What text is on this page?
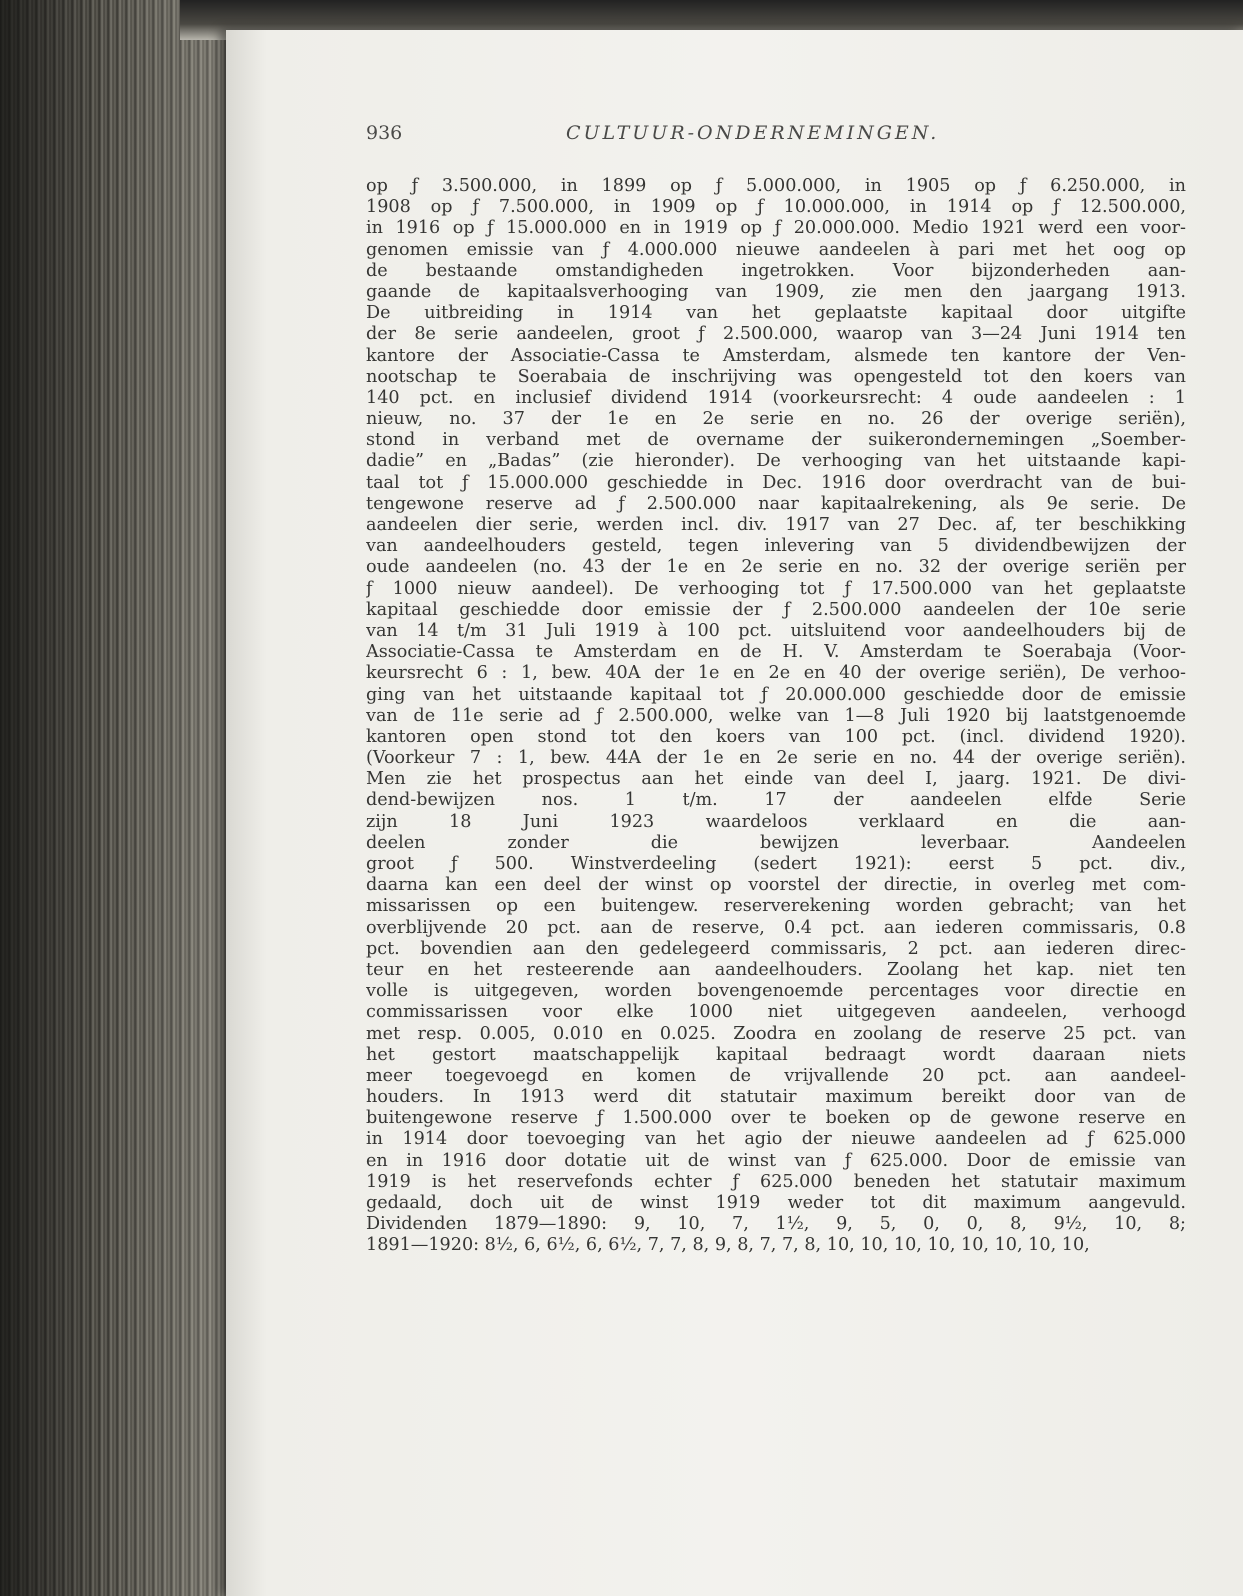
936	CULTUUR-ONDERNEMINGEN.
op ƒ 3.500.000, in 1899 op ƒ 5.000.000, in 1905 op ƒ 6.250.000, in
1908 op ƒ 7.500.000, in 1909 op ƒ 10.000.000, in 1914 op ƒ 12.500.000,
in 1916 op ƒ 15.000.000 en in 1919 op ƒ 20.000.000. Medio 1921 werd een voor-
genomen emissie van ƒ 4.000.000 nieuwe aandeelen à pari met het oog op
de bestaande omstandigheden ingetrokken. Voor bijzonderheden aan-
gaande de kapitaalsverhooging van 1909, zie men den jaargang 1913.
De uitbreiding in 1914 van het geplaatste kapitaal door uitgifte
der 8e serie aandeelen, groot ƒ 2.500.000, waarop van 3—24 Juni 1914 ten
kantore der Associatie-Cassa te Amsterdam, alsmede ten kantore der Ven-
nootschap te Soerabaia de inschrijving was opengesteld tot den koers van
140 pct. en inclusief dividend 1914 (voorkeursrecht: 4 oude aandeelen : 1
nieuw, no. 37 der 1e en 2e serie en no. 26 der overige seriën),
stond in verband met de overname der suikerondernemingen „Soember-
dadie” en „Badas” (zie hieronder). De verhooging van het uitstaande kapi-
taal tot ƒ 15.000.000 geschiedde in Dec. 1916 door overdracht van de bui-
tengewone reserve ad ƒ 2.500.000 naar kapitaalrekening, als 9e serie. De
aandeelen dier serie, werden incl. div. 1917 van 27 Dec. af, ter beschikking
van aandeelhouders gesteld, tegen inlevering van 5 dividendbewijzen der
oude aandeelen (no. 43 der 1e en 2e serie en no. 32 der overige seriën per
ƒ 1000 nieuw aandeel). De verhooging tot ƒ 17.500.000 van het geplaatste
kapitaal geschiedde door emissie der ƒ 2.500.000 aandeelen der 10e serie
van 14 t/m 31 Juli 1919 à 100 pct. uitsluitend voor aandeelhouders bij de
Associatie-Cassa te Amsterdam en de H. V. Amsterdam te Soerabaja (Voor-
keursrecht 6 : 1, bew. 40A der 1e en 2e en 40 der overige seriën), De verhoo-
ging van het uitstaande kapitaal tot ƒ 20.000.000 geschiedde door de emissie
van de 11e serie ad ƒ 2.500.000, welke van 1—8 Juli 1920 bij laatstgenoemde
kantoren open stond tot den koers van 100 pct. (incl. dividend 1920).
(Voorkeur 7 : 1, bew. 44A der 1e en 2e serie en no. 44 der overige seriën).
Men zie het prospectus aan het einde van deel I, jaarg. 1921. De divi-
dend-bewijzen nos. 1 t/m. 17 der aandeelen elfde Serie
zijn 18 Juni 1923 waardeloos verklaard en die aan-
deelen zonder die bewijzen leverbaar. Aandeelen
groot ƒ 500. Winstverdeeling (sedert 1921): eerst 5 pct. div.,
daarna kan een deel der winst op voorstel der directie, in overleg met com-
missarissen op een buitengew. reserverekening worden gebracht; van het
overblijvende 20 pct. aan de reserve, 0.4 pct. aan iederen commissaris, 0.8
pct. bovendien aan den gedelegeerd commissaris, 2 pct. aan iederen direc-
teur en het resteerende aan aandeelhouders. Zoolang het kap. niet ten
volle is uitgegeven, worden bovengenoemde percentages voor directie en
commissarissen voor elke 1000 niet uitgegeven aandeelen, verhoogd
met resp. 0.005, 0.010 en 0.025. Zoodra en zoolang de reserve 25 pct. van
het gestort maatschappelijk kapitaal bedraagt wordt daaraan niets
meer toegevoegd en komen de vrijvallende 20 pct. aan aandeel-
houders. In 1913 werd dit statutair maximum bereikt door van de
buitengewone reserve ƒ 1.500.000 over te boeken op de gewone reserve en
in 1914 door toevoeging van het agio der nieuwe aandeelen ad ƒ 625.000
en in 1916 door dotatie uit de winst van ƒ 625.000. Door de emissie van
1919 is het reservefonds echter ƒ 625.000 beneden het statutair maximum
gedaald, doch uit de winst 1919 weder tot dit maximum aangevuld.
Dividenden 1879—1890: 9, 10, 7, 1½, 9, 5, 0, 0, 8, 9½, 10, 8;
1891—1920: 8½, 6, 6½, 6, 6½, 7, 7, 8, 9, 8, 7, 7, 8, 10, 10, 10, 10, 10, 10, 10, 10,
